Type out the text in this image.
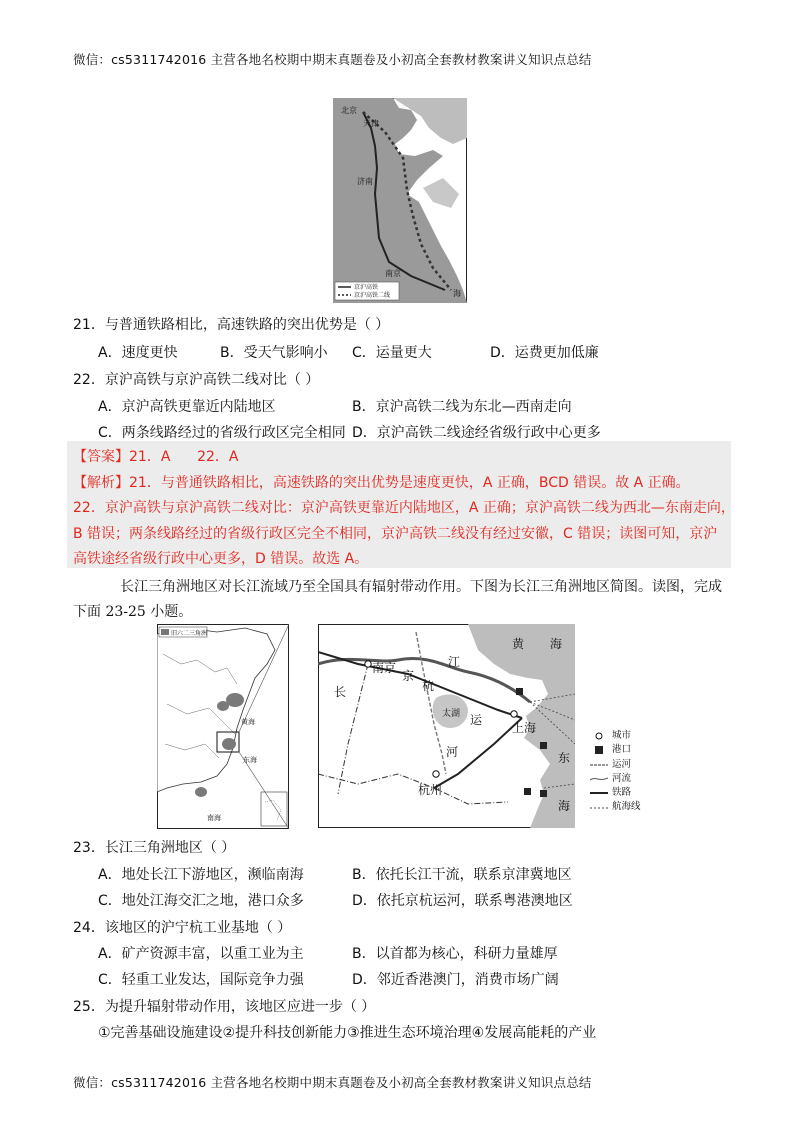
微信：cs5311742016 主营各地名校期中期末真题卷及小初高全套教材教案讲义知识点总结
北京
天津
济南
南京
海
京沪高铁
京沪高铁二线
21．与普通铁路相比，高速铁路的突出优势是（ ）
A．速度更快	B．受天气影响小 C．运量更大	D．运费更加低廉
22．京沪高铁与京沪高铁二线对比（ ）
A．京沪高铁更靠近内陆地区	B．京沪高铁二线为东北—西南走向
C．两条线路经过的省级行政区完全相同 D．京沪高铁二线途经省级行政中心更多
【答案】21．A      22．A
【解析】21．与普通铁路相比，高速铁路的突出优势是速度更快，A 正确，BCD 错误。故 A 正确。
22．京沪高铁与京沪高铁二线对比：京沪高铁更靠近内陆地区，A 正确；京沪高铁二线为西北—东南走向，
B 错误；两条线路经过的省级行政区完全不相同，京沪高铁二线没有经过安徽，C 错误；读图可知，京沪
高铁途经省级行政中心更多，D 错误。故选 A。
长江三角洲地区对长江流域乃至全国具有辐射带动作用。下图为长江三角洲地区简图。读图，完成
下面 23-25 小题。
旧六二三角洲
黄海
东海
南海
南京
京
杭
长
江
运
上海
河
杭州
黄 海
东
海
太湖
城市
港口
运河
河流
铁路
航海线
23．长江三角洲地区（ ）
A．地处长江下游地区，濒临南海	B．依托长江干流，联系京津冀地区
C．地处江海交汇之地，港口众多	D．依托京杭运河，联系粤港澳地区
24．该地区的沪宁杭工业基地（ ）
A．矿产资源丰富，以重工业为主	B．以首都为核心，科研力量雄厚
C．轻重工业发达，国际竞争力强	D．邻近香港澳门，消费市场广阔
25．为提升辐射带动作用，该地区应进一步（ ）
①完善基础设施建设②提升科技创新能力③推进生态环境治理④发展高能耗的产业
微信：cs5311742016 主营各地名校期中期末真题卷及小初高全套教材教案讲义知识点总结
